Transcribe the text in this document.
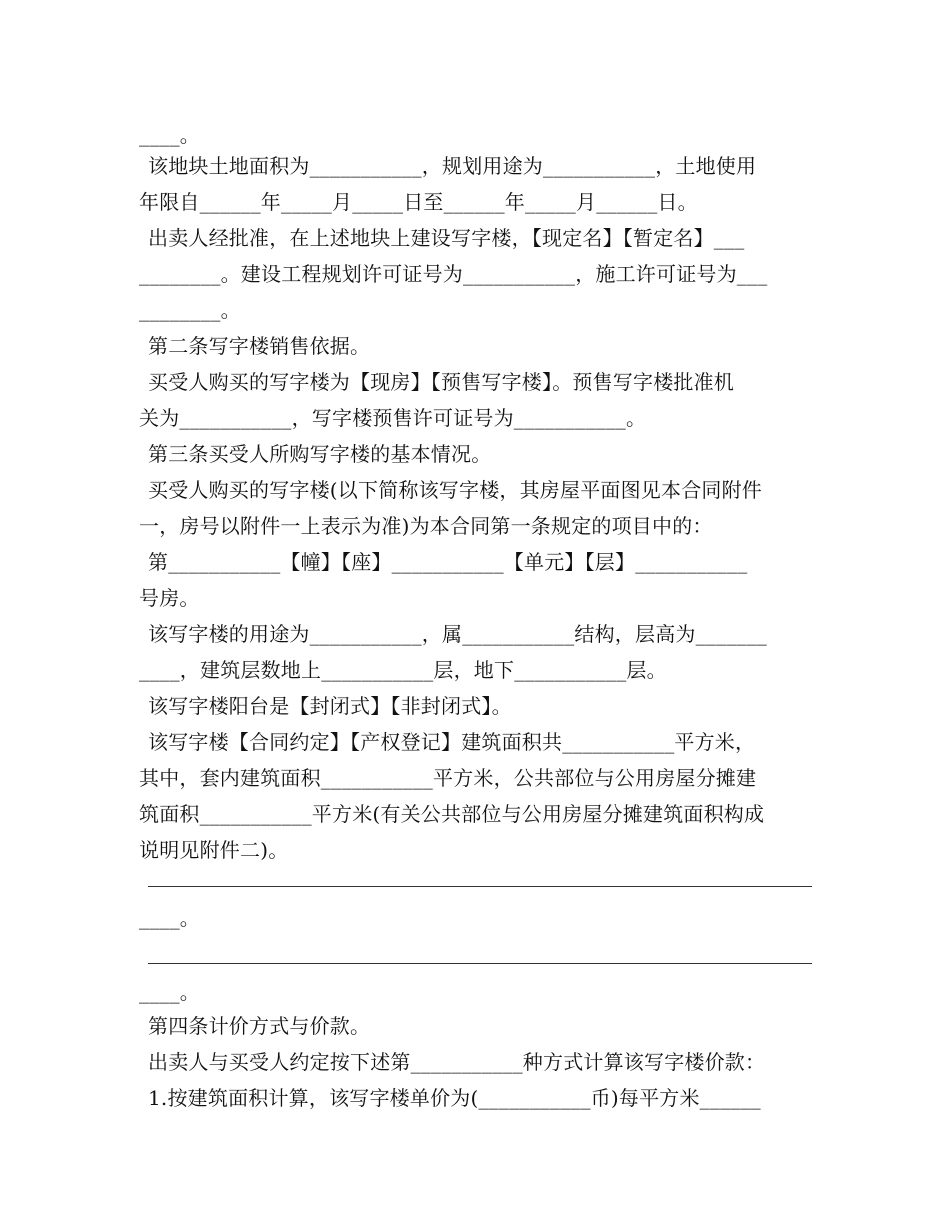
____。
该地块土地面积为___________，规划用途为___________，土地使用
年限自______年_____月_____日至______年_____月______日。
出卖人经批准，在上述地块上建设写字楼，【现定名】【暂定名】___
________。建设工程规划许可证号为___________，施工许可证号为___
________。
第二条写字楼销售依据。
买受人购买的写字楼为【现房】【预售写字楼】。预售写字楼批准机
关为___________，写字楼预售许可证号为___________。
第三条买受人所购写字楼的基本情况。
买受人购买的写字楼(以下简称该写字楼，其房屋平面图见本合同附件
一，房号以附件一上表示为准)为本合同第一条规定的项目中的：
第___________【幢】【座】___________【单元】【层】___________
号房。
该写字楼的用途为___________，属___________结构，层高为_______
____，建筑层数地上___________层，地下___________层。
该写字楼阳台是【封闭式】【非封闭式】。
该写字楼【合同约定】【产权登记】建筑面积共___________平方米，
其中，套内建筑面积___________平方米，公共部位与公用房屋分摊建
筑面积___________平方米(有关公共部位与公用房屋分摊建筑面积构成
说明见附件二)。
____。
____。
第四条计价方式与价款。
出卖人与买受人约定按下述第___________种方式计算该写字楼价款：
1.按建筑面积计算，该写字楼单价为(___________币)每平方米______
